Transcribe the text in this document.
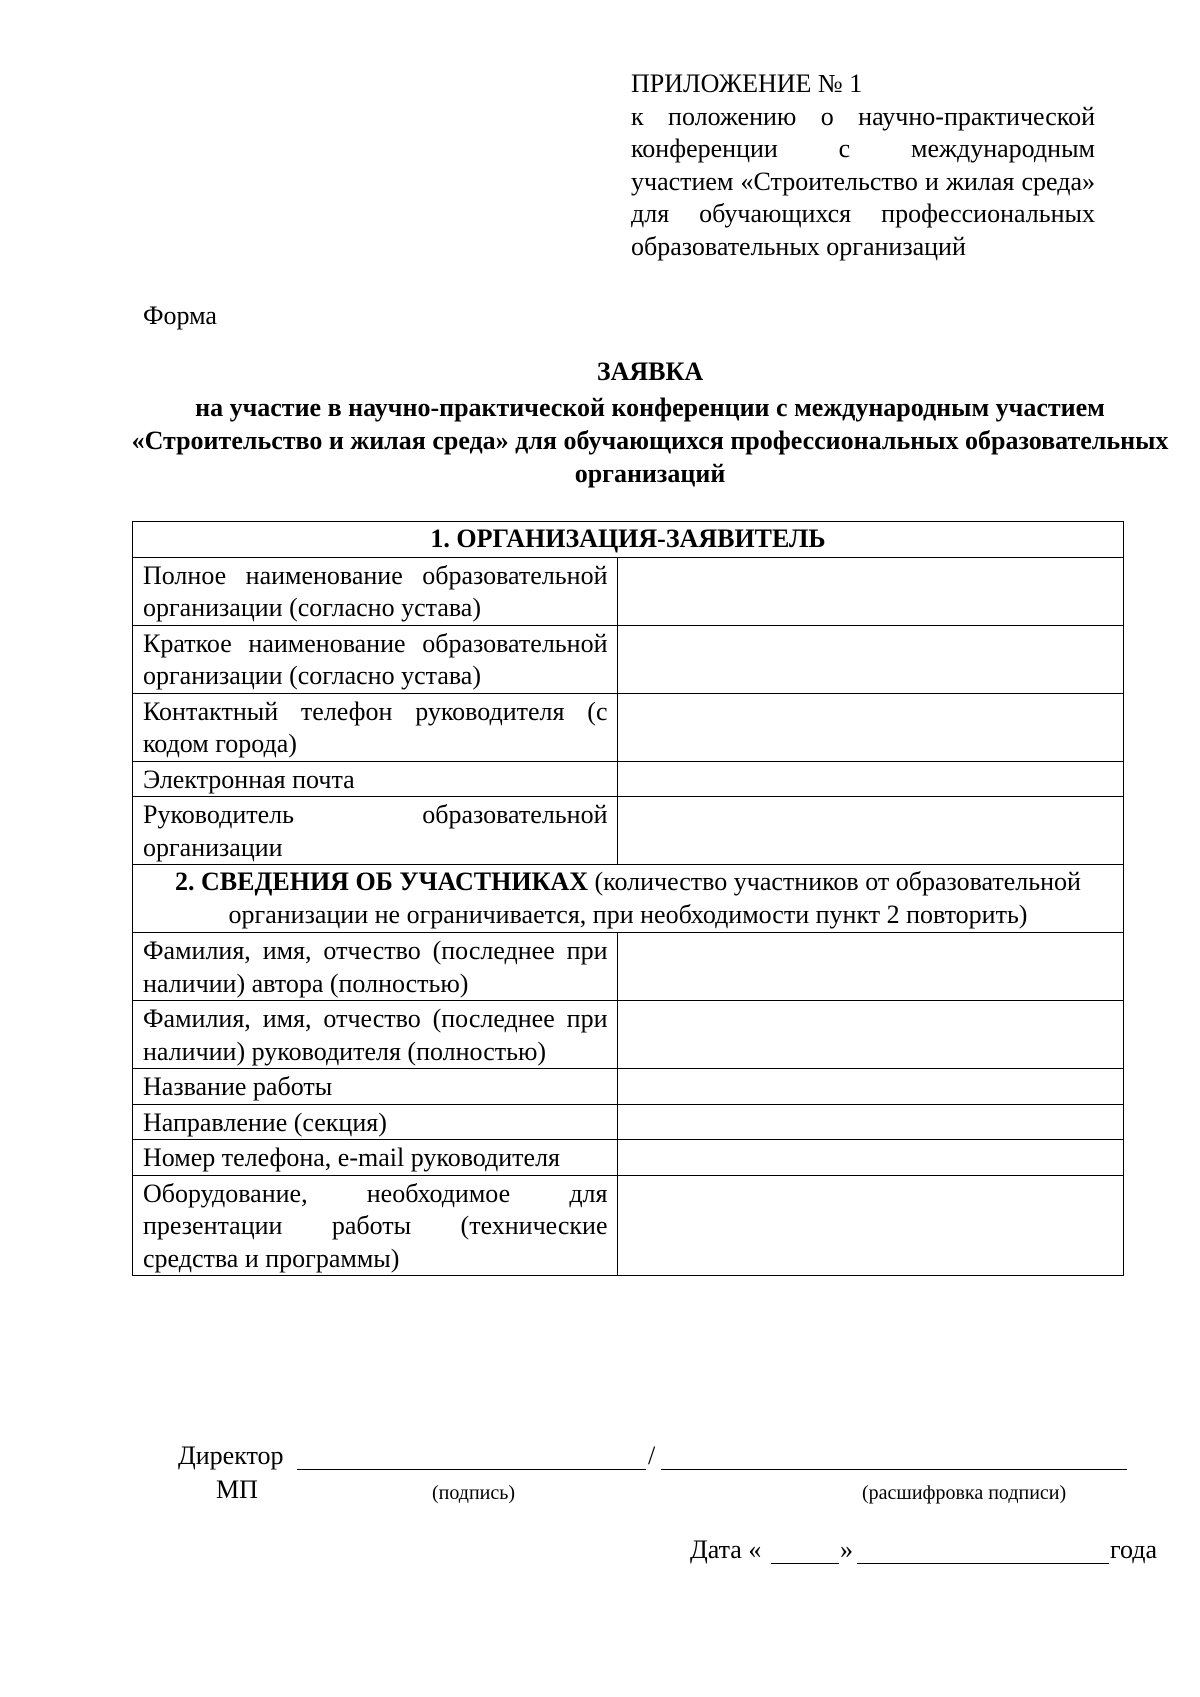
ПРИЛОЖЕНИЕ № 1
к положению о научно-практической конференции с международным участием «Строительство и жилая среда» для обучающихся профессиональных образовательных организаций
Форма
ЗАЯВКА
на участие в научно-практической конференции с международным участием «Строительство и жилая среда» для обучающихся профессиональных образовательных организаций
1. ОРГАНИЗАЦИЯ-ЗАЯВИТЕЛЬ	
Полное наименование образовательной организации (согласно устава)	
Краткое наименование образовательной организации (согласно устава)	
Контактный телефон руководителя (с кодом города)	
Электронная почта	
Руководитель образовательной организации	
2. СВЕДЕНИЯ ОБ УЧАСТНИКАХ (количество участников от образовательной организации не ограничивается, при необходимости пункт 2 повторить)	
Фамилия, имя, отчество (последнее при наличии) автора (полностью)	
Фамилия, имя, отчество (последнее при наличии) руководителя (полностью)	
Название работы	
Направление (секция)	
Номер телефона, e-mail руководителя	
Оборудование, необходимое для презентации работы (технические средства и программы)	
Директор	/
МП	(подпись)	(расшифровка подписи)
Дата «	»	года
